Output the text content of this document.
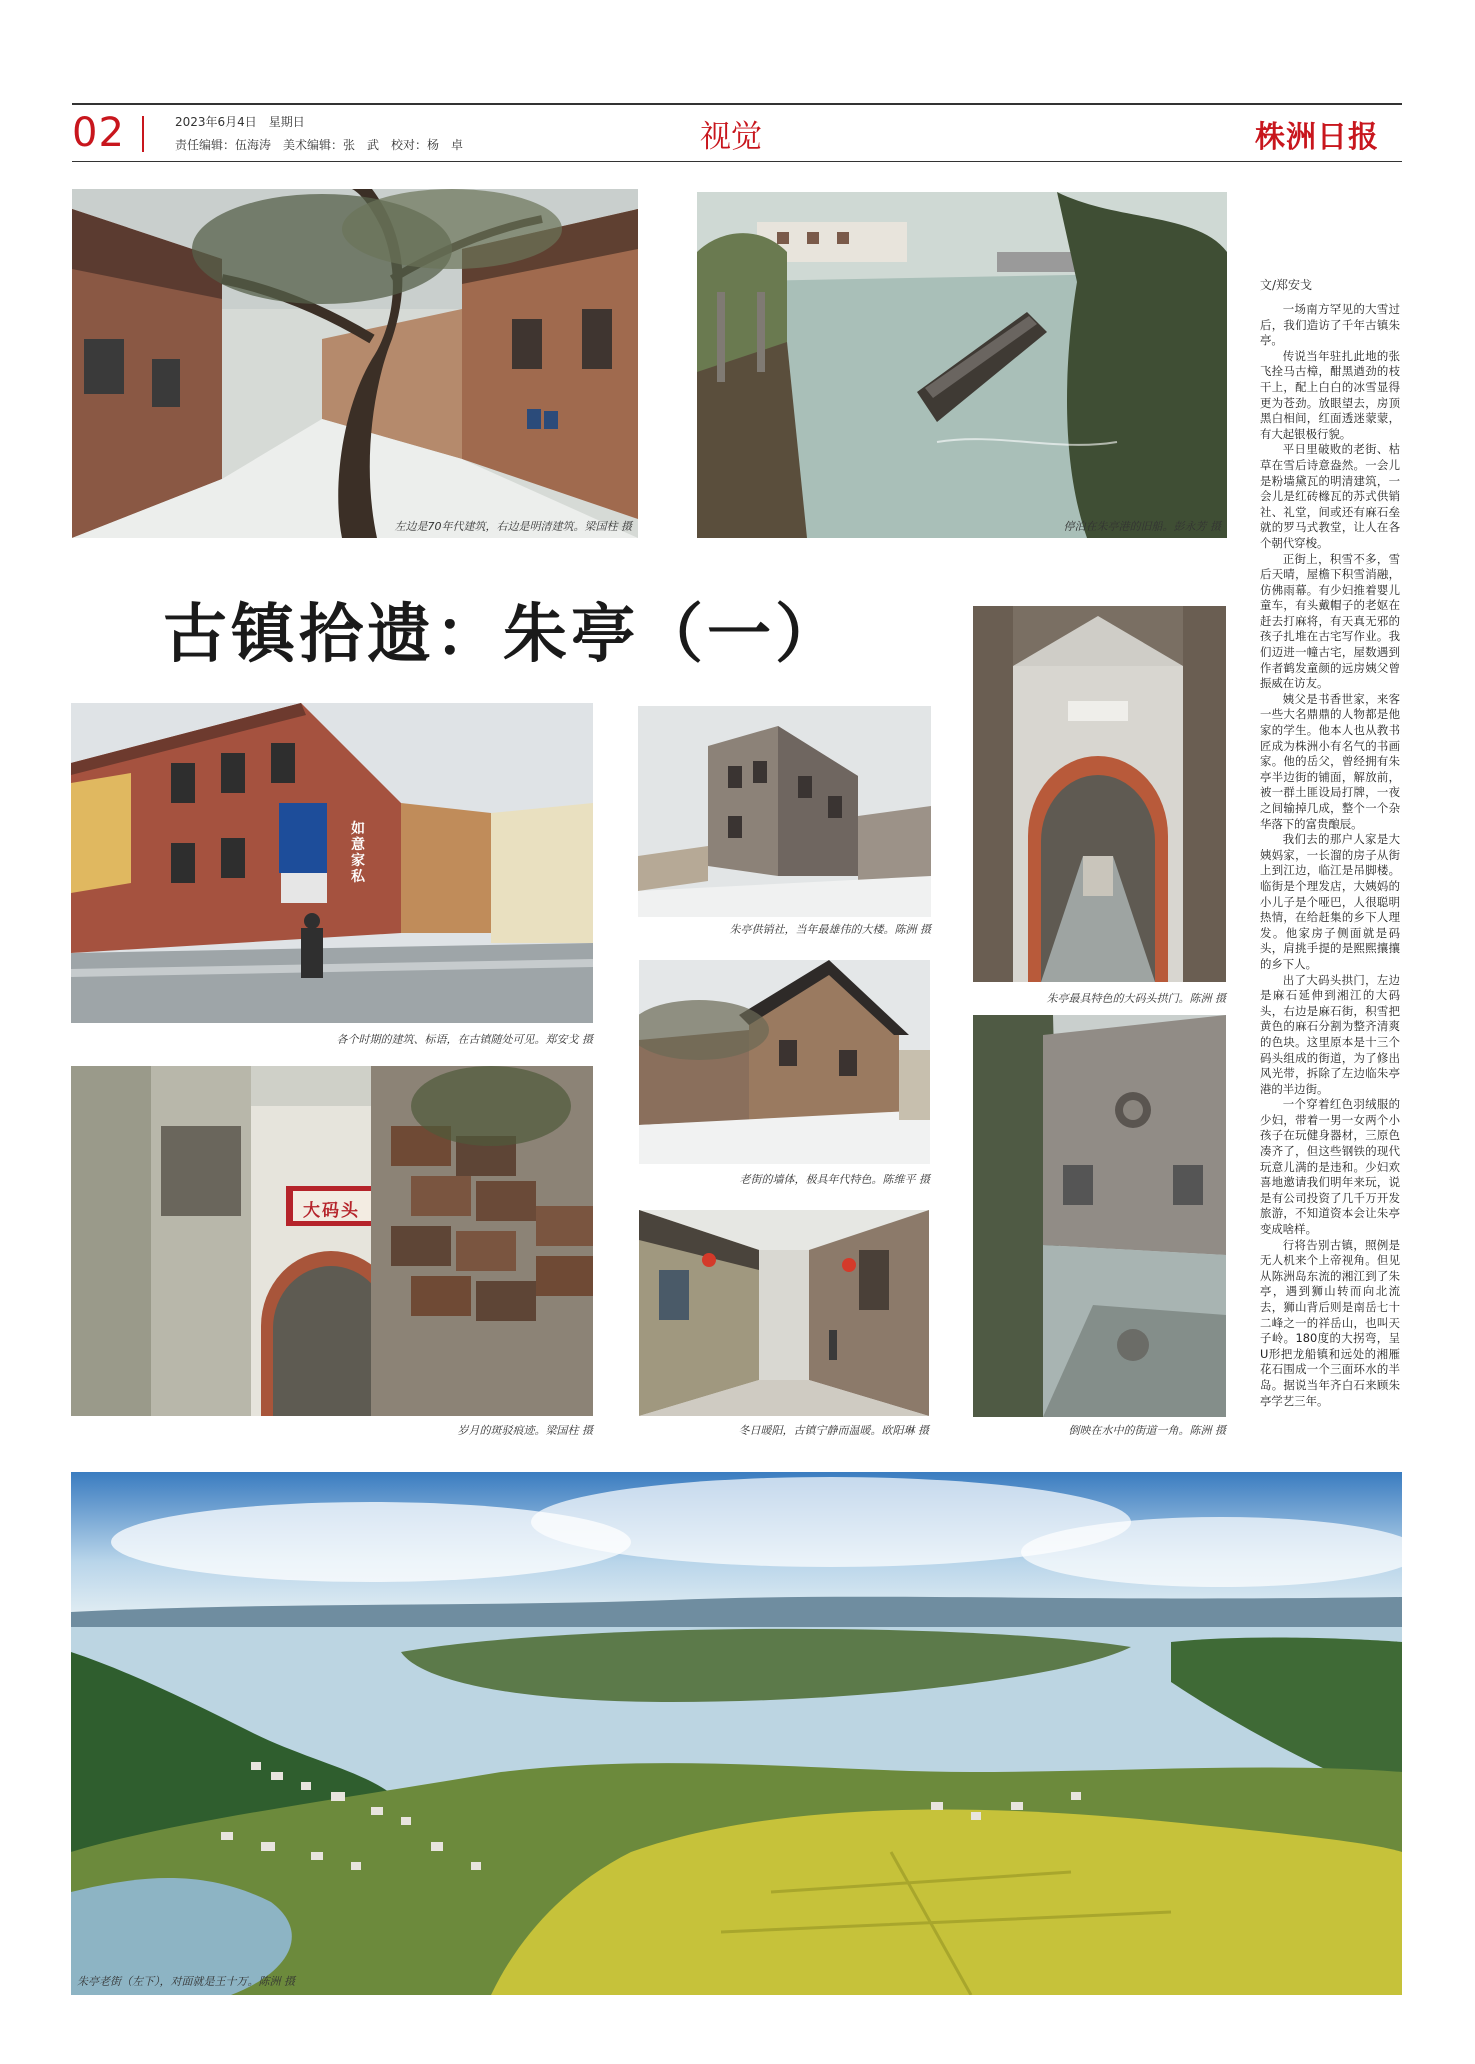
02	2023年6月4日　星期日
责任编辑：伍海涛　美术编辑：张　武　校对：杨　卓	视觉	株洲日报
左边是70年代建筑，右边是明清建筑。梁国柱 摄	停泊在朱亭港的旧船。彭永芳 摄
古镇拾遗：朱亭（一）
如意家私
各个时期的建筑、标语，在古镇随处可见。郑安戈 摄
朱亭供销社，当年最雄伟的大楼。陈洲 摄
朱亭最具特色的大码头拱门。陈洲 摄
老街的墙体，极具年代特色。陈维平 摄
大码头
岁月的斑驳痕迹。梁国柱 摄	冬日暖阳，古镇宁静而温暖。欧阳琳 摄	倒映在水中的街道一角。陈洲 摄
朱亭老街（左下），对面就是王十万。陈洲 摄
文/郑安戈

一场南方罕见的大雪过后，我们造访了千年古镇朱亭。

传说当年驻扎此地的张飞拴马古樟，酣黑遒劲的枝干上，配上白白的冰雪显得更为苍劲。放眼望去，房顶黑白相间，红面透迷蒙蒙，有大起银极行貌。

平日里破败的老街、枯草在雪后诗意盎然。一会儿是粉墙黛瓦的明清建筑，一会儿是红砖橼瓦的苏式供销社、礼堂，间或还有麻石垒就的罗马式教堂，让人在各个朝代穿梭。

正街上，积雪不多，雪后天晴，屋檐下积雪消融，仿佛雨幕。有少妇推着婴儿童车，有头戴帽子的老妪在赶去打麻将，有天真无邪的孩子扎堆在古宅写作业。我们迈进一幢古宅，屋数遇到作者鹤发童颜的远房姨父曾振威在访友。

姨父是书香世家，来客一些大名鼎鼎的人物都是他家的学生。他本人也从教书匠成为株洲小有名气的书画家。他的岳父，曾经拥有朱亭半边街的铺面，解放前，被一群土匪设局打牌，一夜之间输掉几成，整个一个杂华落下的富贵酿辰。

我们去的那户人家是大姨妈家，一长溜的房子从街上到江边，临江是吊脚楼。临街是个理发店，大姨妈的小儿子是个哑巴，人很聪明热情，在给赶集的乡下人理发。他家房子侧面就是码头，肩挑手提的是熙熙攘攘的乡下人。

出了大码头拱门，左边是麻石延伸到湘江的大码头，右边是麻石街，积雪把黄色的麻石分割为整齐清爽的色块。这里原本是十三个码头组成的街道，为了修出风光带，拆除了左边临朱亭港的半边街。

一个穿着红色羽绒服的少妇，带着一男一女两个小孩子在玩健身器材，三原色凑齐了，但这些钢铁的现代玩意儿满的是违和。少妇欢喜地邀请我们明年来玩，说是有公司投资了几千万开发旅游，不知道资本会让朱亭变成啥样。

行将告别古镇，照例是无人机来个上帝视角。但见从陈洲岛东流的湘江到了朱亭，遇到狮山转而向北流去，狮山背后则是南岳七十二峰之一的祥岳山，也叫天子岭。180度的大拐弯，呈U形把龙船镇和远处的湘雁花石围成一个三面环水的半岛。据说当年齐白石来顾朱亭学艺三年。
